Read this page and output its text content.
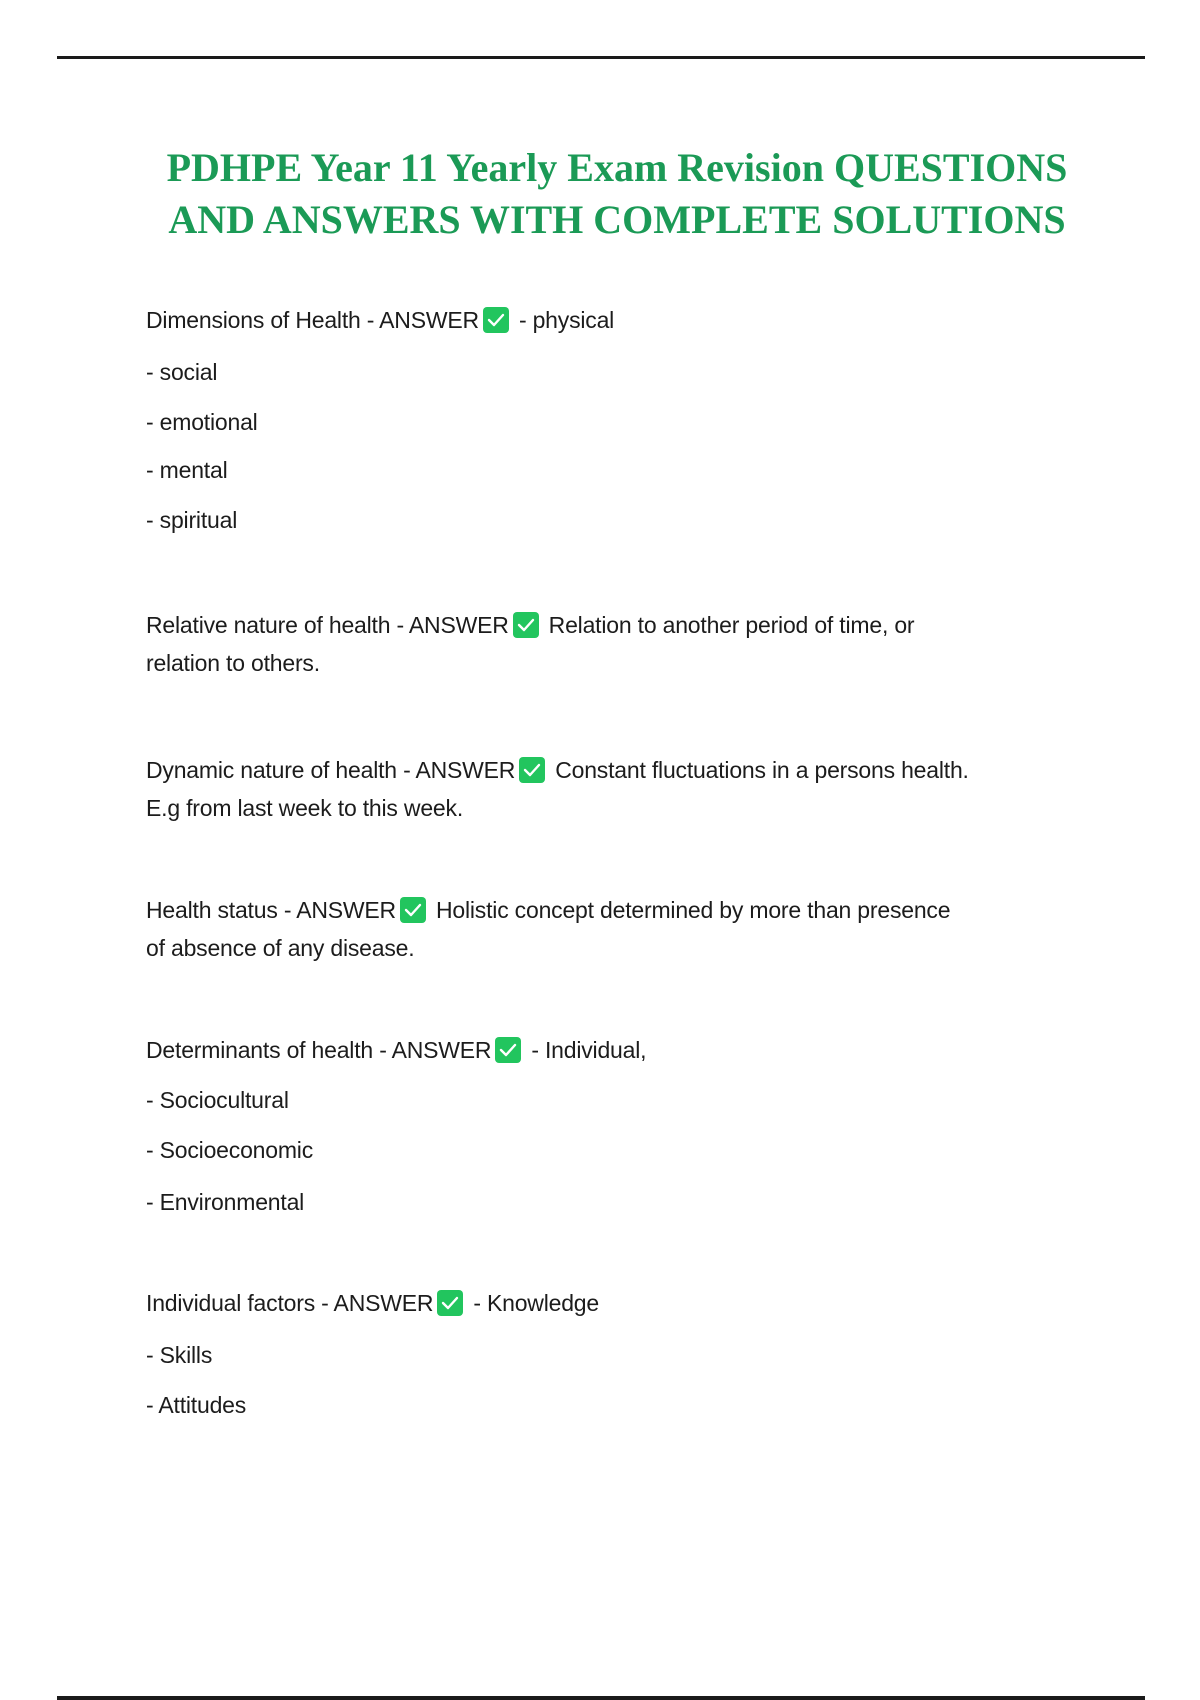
PDHPE Year 11 Yearly Exam Revision QUESTIONS
AND ANSWERS WITH COMPLETE SOLUTIONS
Dimensions of Health - ANSWER - physical
- social
- emotional
- mental
- spiritual
Relative nature of health - ANSWER Relation to another period of time, or
relation to others.
Dynamic nature of health - ANSWER Constant fluctuations in a persons health.
E.g from last week to this week.
Health status - ANSWER Holistic concept determined by more than presence
of absence of any disease.
Determinants of health - ANSWER - Individual,
- Sociocultural
- Socioeconomic
- Environmental
Individual factors - ANSWER - Knowledge
- Skills
- Attitudes
